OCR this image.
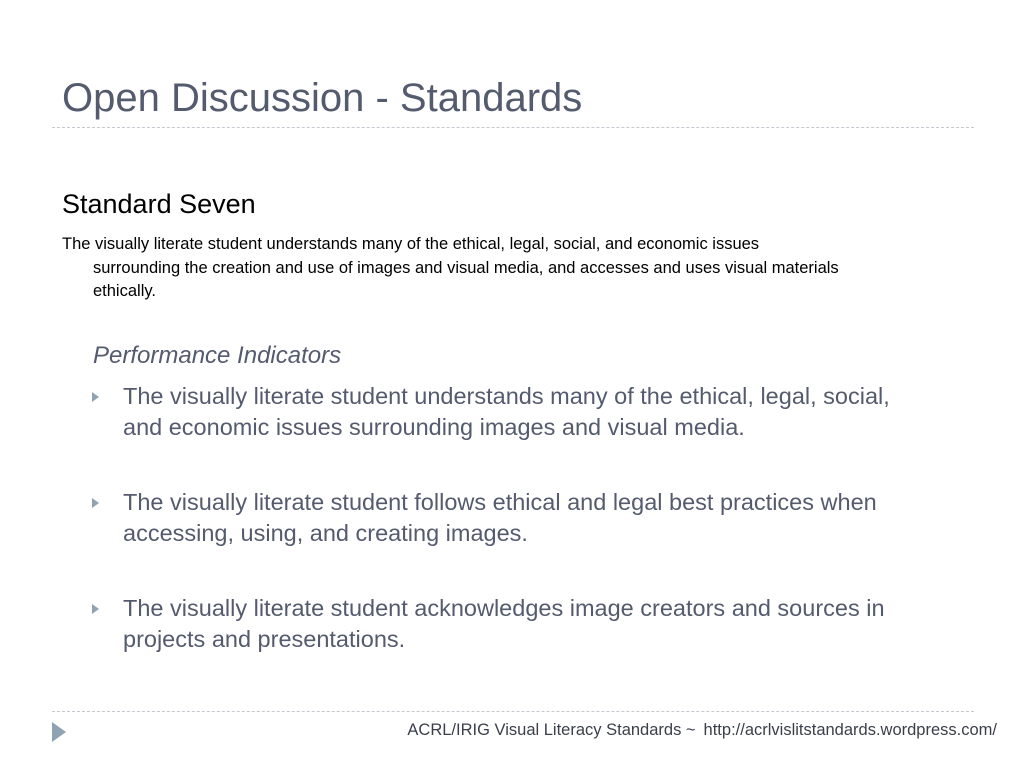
Open Discussion - Standards
Standard Seven
The visually literate student understands many of the ethical, legal, social, and economic issues
surrounding the creation and use of images and visual media, and accesses and uses visual materials
ethically.
Performance Indicators
The visually literate student understands many of the ethical, legal, social,
and economic issues surrounding images and visual media.
The visually literate student follows ethical and legal best practices when
accessing, using, and creating images.
The visually literate student acknowledges image creators and sources in
projects and presentations.
ACRL/IRIG Visual Literacy Standards ~ http://acrlvislitstandards.wordpress.com/
